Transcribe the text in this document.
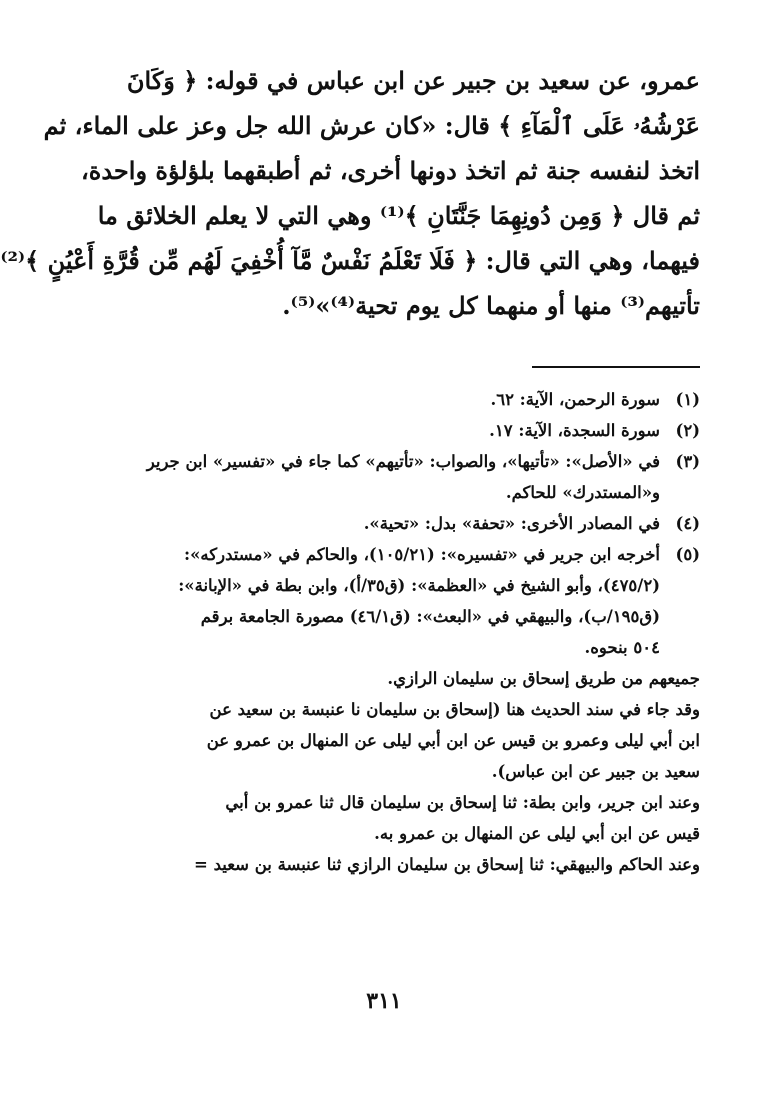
عمرو، عن سعيد بن جبير عن ابن عباس في قوله: ﴿ وَكَانَ
عَرْشُهُۥ عَلَى ٱلْمَآءِ ﴾ قال: «كان عرش الله جل وعز على الماء، ثم
اتخذ لنفسه جنة ثم اتخذ دونها أخرى، ثم أطبقهما بلؤلؤة واحدة،
ثم قال ﴿ وَمِن دُونِهِمَا جَنَّتَانِ ﴾⁽¹⁾ وهي التي لا يعلم الخلائق ما
فيهما، وهي التي قال: ﴿ فَلَا تَعْلَمُ نَفْسٌ مَّآ أُخْفِيَ لَهُم مِّن قُرَّةِ أَعْيُنٍ ﴾⁽²⁾
تأتيهم⁽³⁾ منها أو منهما كل يوم تحية⁽⁴⁾»⁽⁵⁾.
(١)
سورة الرحمن، الآية: ٦٢.
(٢)
سورة السجدة، الآية: ١٧.
(٣)
في «الأصل»: «تأتيها»، والصواب: «تأتيهم» كما جاء في «تفسير» ابن جرير
و«المستدرك» للحاكم.
(٤)
في المصادر الأخرى: «تحفة» بدل: «تحية».
(٥)
أخرجه ابن جرير في «تفسيره»: (١٠٥/٢١)، والحاكم في «مستدركه»:
(٤٧٥/٢)، وأبو الشيخ في «العظمة»: (ق٣٥/أ)، وابن بطة في «الإبانة»:
(ق١٩٥/ب)، والبيهقي في «البعث»: (ق٤٦/١) مصورة الجامعة برقم
٥٠٤ بنحوه.
جميعهم من طريق إسحاق بن سليمان الرازي.
وقد جاء في سند الحديث هنا (إسحاق بن سليمان نا عنبسة بن سعيد عن
ابن أبي ليلى وعمرو بن قيس عن ابن أبي ليلى عن المنهال بن عمرو عن
سعيد بن جبير عن ابن عباس).
وعند ابن جرير، وابن بطة: ثنا إسحاق بن سليمان قال ثنا عمرو بن أبي
قيس عن ابن أبي ليلى عن المنهال بن عمرو به.
وعند الحاكم والبيهقي: ثنا إسحاق بن سليمان الرازي ثنا عنبسة بن سعيد =
٣١١
